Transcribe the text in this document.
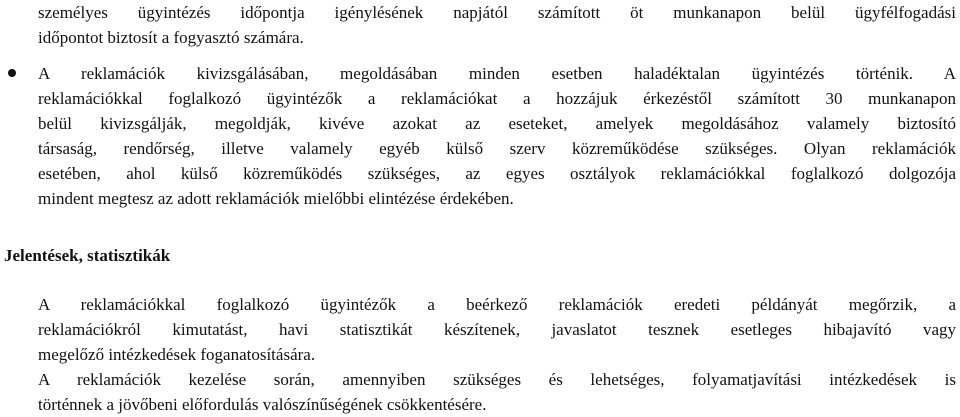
személyes ügyintézés időpontja igénylésének napjától számított öt munkanapon belül ügyfélfogadási
időpontot biztosít a fogyasztó számára.
A reklamációk kivizsgálásában, megoldásában minden esetben haladéktalan ügyintézés történik. A
reklamációkkal foglalkozó ügyintézők a reklamációkat a hozzájuk érkezéstől számított 30 munkanapon
belül kivizsgálják, megoldják, kivéve azokat az eseteket, amelyek megoldásához valamely biztosító
társaság, rendőrség, illetve valamely egyéb külső szerv közreműködése szükséges. Olyan reklamációk
esetében, ahol külső közreműködés szükséges, az egyes osztályok reklamációkkal foglalkozó dolgozója
mindent megtesz az adott reklamációk mielőbbi elintézése érdekében.
Jelentések, statisztikák
A reklamációkkal foglalkozó ügyintézők a beérkező reklamációk eredeti példányát megőrzik, a
reklamációkról kimutatást, havi statisztikát készítenek, javaslatot tesznek esetleges hibajavító vagy
megelőző intézkedések foganatosítására.
A reklamációk kezelése során, amennyiben szükséges és lehetséges, folyamatjavítási intézkedések is
történnek a jövőbeni előfordulás valószínűségének csökkentésére.
